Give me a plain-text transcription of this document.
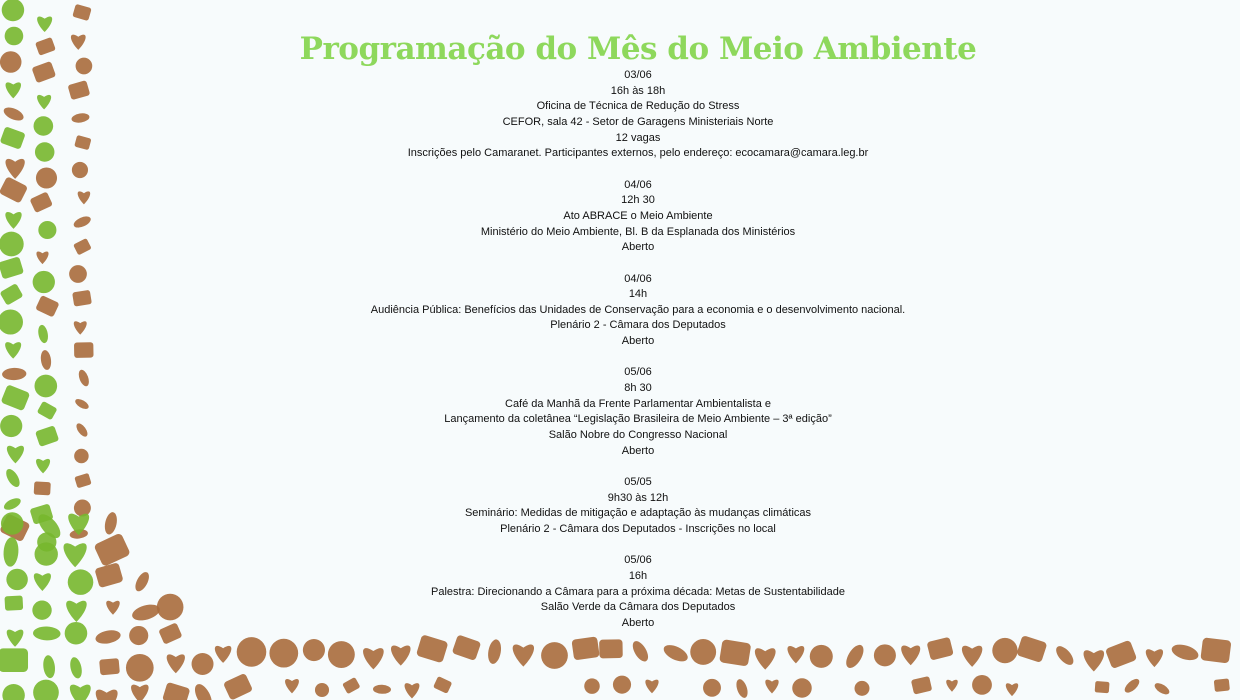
Programação do Mês do Meio Ambiente
03/06
16h às 18h
Oficina de Técnica de Redução do Stress
CEFOR, sala 42 - Setor de Garagens Ministeriais Norte
12 vagas
Inscrições pelo Camaranet. Participantes externos, pelo endereço: ecocamara@camara.leg.br
04/06
12h 30
Ato ABRACE o Meio Ambiente
Ministério do Meio Ambiente, Bl. B da Esplanada dos Ministérios
Aberto
04/06
14h
Audiência Pública: Benefícios das Unidades de Conservação para a economia e o desenvolvimento nacional.
Plenário 2 - Câmara dos Deputados
Aberto
05/06
8h 30
Café da Manhã da Frente Parlamentar Ambientalista e
Lançamento da coletânea “Legislação Brasileira de Meio Ambiente – 3ª edição”
Salão Nobre do Congresso Nacional
Aberto
05/05
9h30 às 12h
Seminário: Medidas de mitigação e adaptação às mudanças climáticas
Plenário 2 - Câmara dos Deputados - Inscrições no local
05/06
16h
Palestra: Direcionando a Câmara para a próxima década: Metas de Sustentabilidade
Salão Verde da Câmara dos Deputados
Aberto
